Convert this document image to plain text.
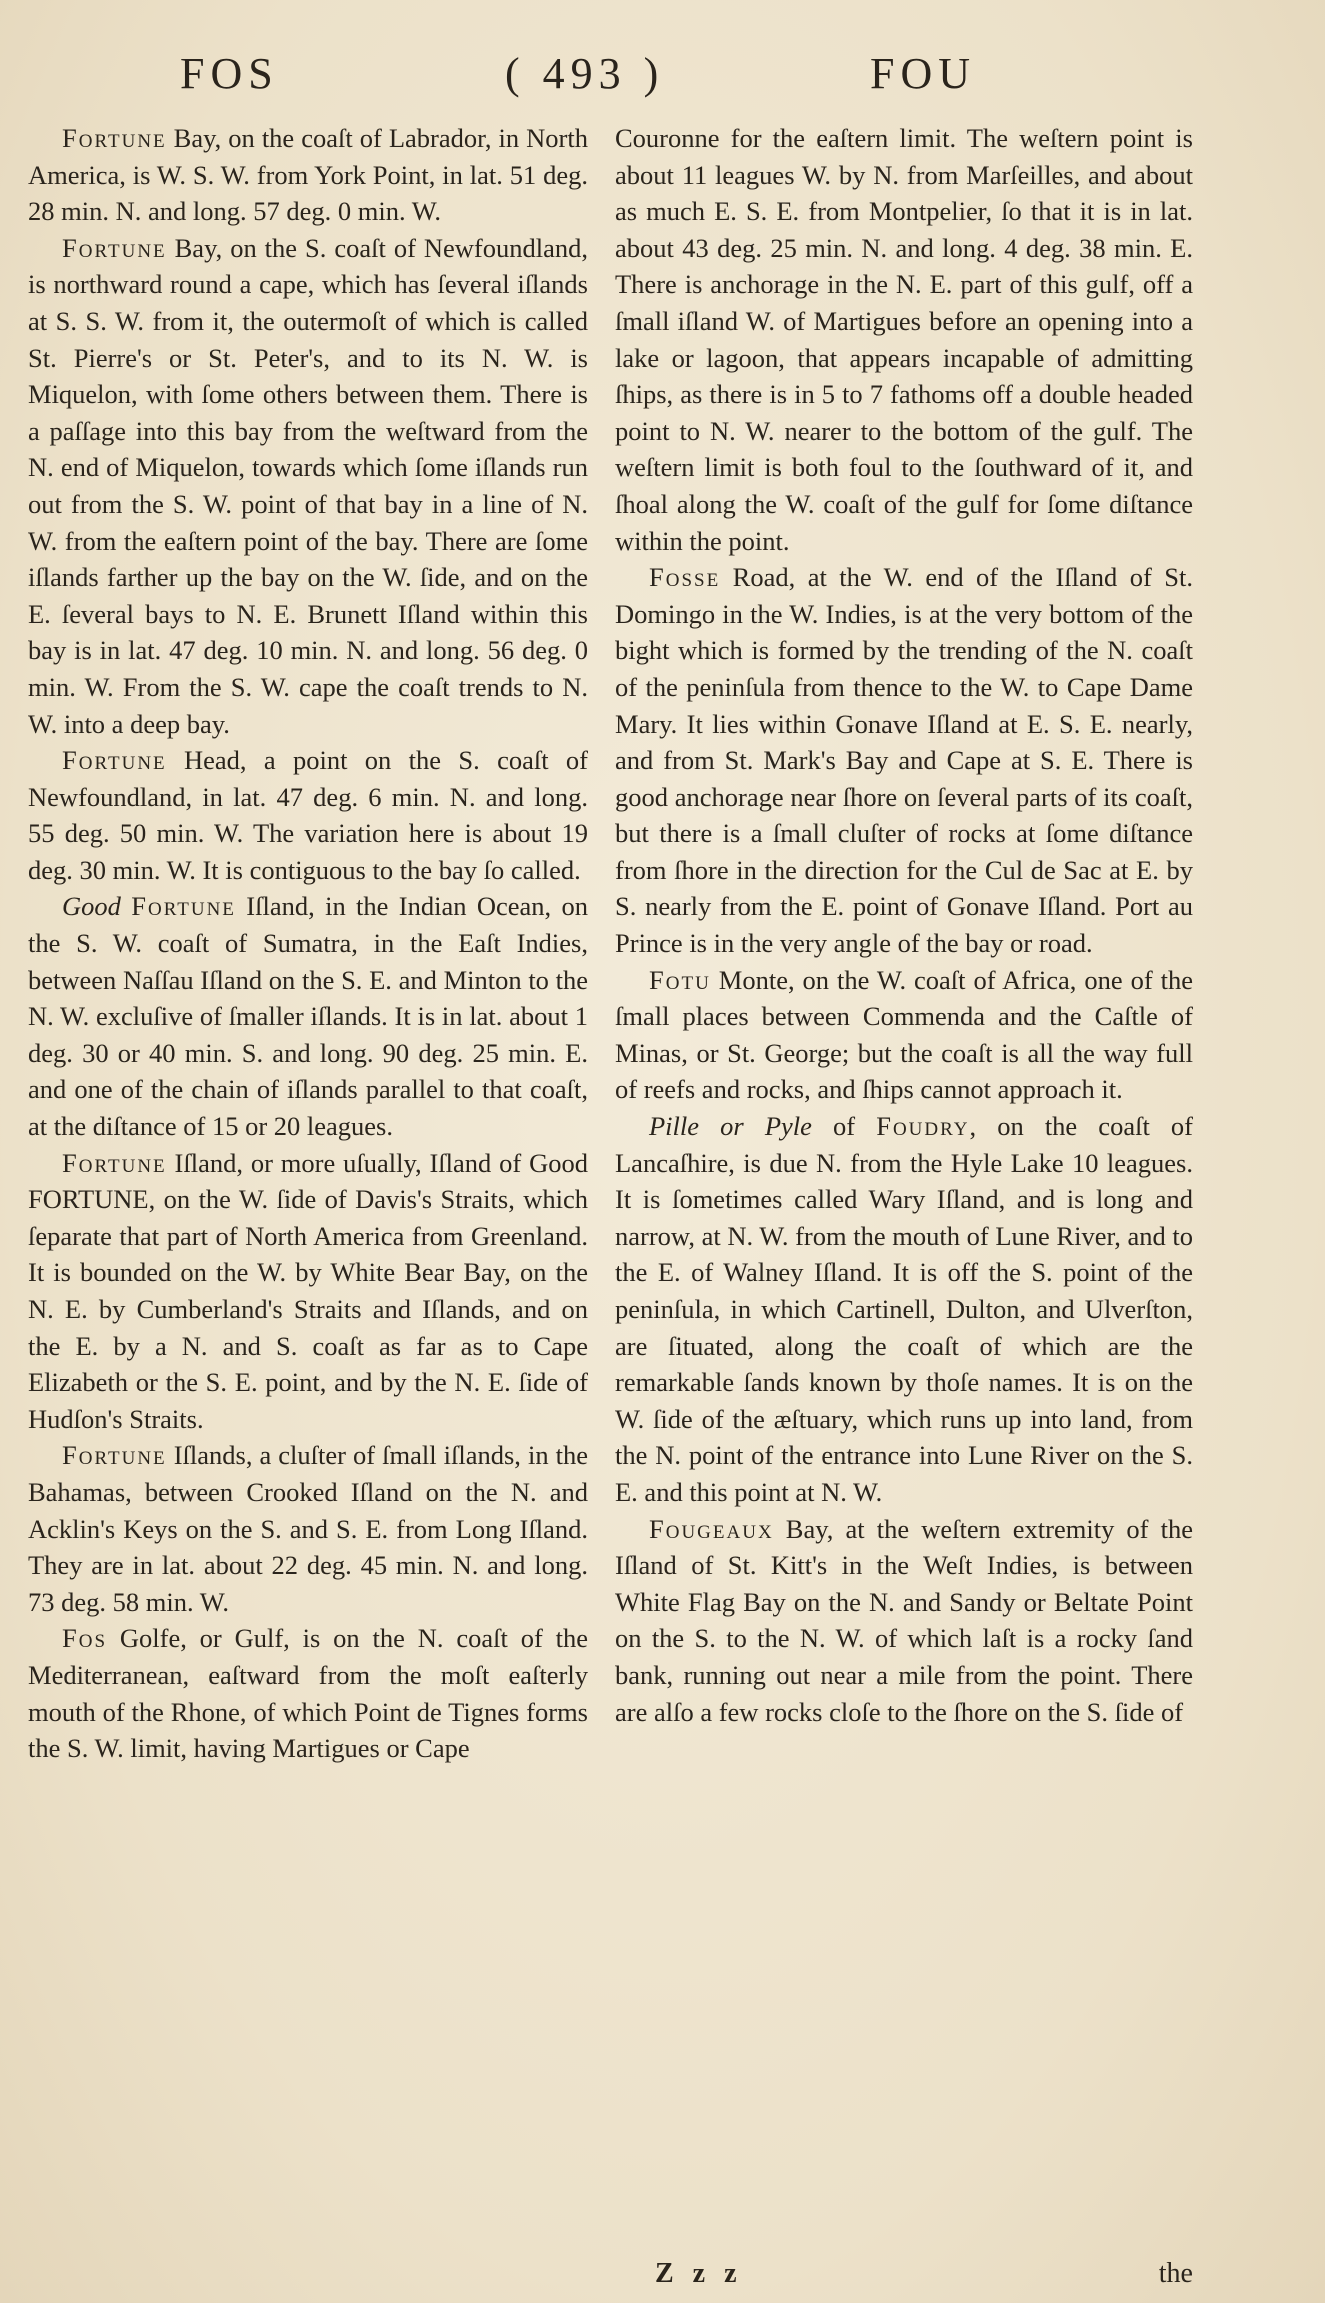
FOS	( 493 )	FOU

Fortune Bay, on the coaſt of Labrador, in North America, is W. S. W. from York Point, in lat. 51 deg. 28 min. N. and long. 57 deg. 0 min. W.

Fortune Bay, on the S. coaſt of Newfoundland, is northward round a cape, which has ſeveral iſlands at S. S. W. from it, the outermoſt of which is called St. Pierre's or St. Peter's, and to its N. W. is Miquelon, with ſome others between them. There is a paſſage into this bay from the weſtward from the N. end of Miquelon, towards which ſome iſlands run out from the S. W. point of that bay in a line of N. W. from the eaſtern point of the bay. There are ſome iſlands farther up the bay on the W. ſide, and on the E. ſeveral bays to N. E. Brunett Iſland within this bay is in lat. 47 deg. 10 min. N. and long. 56 deg. 0 min. W. From the S. W. cape the coaſt trends to N. W. into a deep bay.

Fortune Head, a point on the S. coaſt of Newfoundland, in lat. 47 deg. 6 min. N. and long. 55 deg. 50 min. W. The variation here is about 19 deg. 30 min. W. It is contiguous to the bay ſo called.

Good Fortune Iſland, in the Indian Ocean, on the S. W. coaſt of Sumatra, in the Eaſt Indies, between Naſſau Iſland on the S. E. and Minton to the N. W. excluſive of ſmaller iſlands. It is in lat. about 1 deg. 30 or 40 min. S. and long. 90 deg. 25 min. E. and one of the chain of iſlands parallel to that coaſt, at the diſtance of 15 or 20 leagues.

Fortune Iſland, or more uſually, Iſland of Good FORTUNE, on the W. ſide of Davis's Straits, which ſeparate that part of North America from Greenland. It is bounded on the W. by White Bear Bay, on the N. E. by Cumberland's Straits and Iſlands, and on the E. by a N. and S. coaſt as far as to Cape Elizabeth or the S. E. point, and by the N. E. ſide of Hudſon's Straits.

Fortune Iſlands, a cluſter of ſmall iſlands, in the Bahamas, between Crooked Iſland on the N. and Acklin's Keys on the S. and S. E. from Long Iſland. They are in lat. about 22 deg. 45 min. N. and long. 73 deg. 58 min. W.

Fos Golfe, or Gulf, is on the N. coaſt of the Mediterranean, eaſtward from the moſt eaſterly mouth of the Rhone, of which Point de Tignes forms the S. W. limit, having Martigues or Cape

Couronne for the eaſtern limit. The weſtern point is about 11 leagues W. by N. from Marſeilles, and about as much E. S. E. from Montpelier, ſo that it is in lat. about 43 deg. 25 min. N. and long. 4 deg. 38 min. E. There is anchorage in the N. E. part of this gulf, off a ſmall iſland W. of Martigues before an opening into a lake or lagoon, that appears incapable of admitting ſhips, as there is in 5 to 7 fathoms off a double headed point to N. W. nearer to the bottom of the gulf. The weſtern limit is both foul to the ſouthward of it, and ſhoal along the W. coaſt of the gulf for ſome diſtance within the point.

Fosse Road, at the W. end of the Iſland of St. Domingo in the W. Indies, is at the very bottom of the bight which is formed by the trending of the N. coaſt of the peninſula from thence to the W. to Cape Dame Mary. It lies within Gonave Iſland at E. S. E. nearly, and from St. Mark's Bay and Cape at S. E. There is good anchorage near ſhore on ſeveral parts of its coaſt, but there is a ſmall cluſter of rocks at ſome diſtance from ſhore in the direction for the Cul de Sac at E. by S. nearly from the E. point of Gonave Iſland. Port au Prince is in the very angle of the bay or road.

Fotu Monte, on the W. coaſt of Africa, one of the ſmall places between Commenda and the Caſtle of Minas, or St. George; but the coaſt is all the way full of reefs and rocks, and ſhips cannot approach it.

Pille or Pyle of Foudry, on the coaſt of Lancaſhire, is due N. from the Hyle Lake 10 leagues. It is ſometimes called Wary Iſland, and is long and narrow, at N. W. from the mouth of Lune River, and to the E. of Walney Iſland. It is off the S. point of the peninſula, in which Cartinell, Dulton, and Ulverſton, are ſituated, along the coaſt of which are the remarkable ſands known by thoſe names. It is on the W. ſide of the æſtuary, which runs up into land, from the N. point of the entrance into Lune River on the S. E. and this point at N. W.

Fougeaux Bay, at the weſtern extremity of the Iſland of St. Kitt's in the Weſt Indies, is between White Flag Bay on the N. and Sandy or Beltate Point on the S. to the N. W. of which laſt is a rocky ſand bank, running out near a mile from the point. There are alſo a few rocks cloſe to the ſhore on the S. ſide of

Z z z	the
